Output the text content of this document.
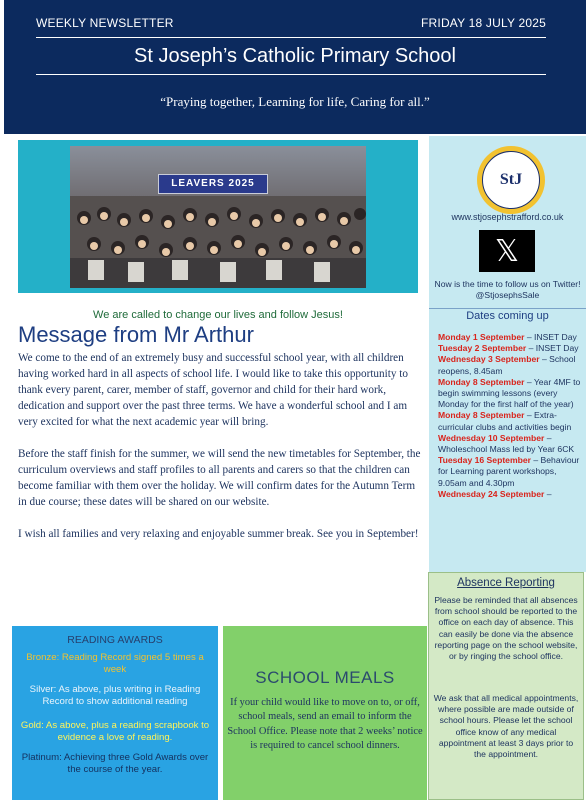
WEEKLY NEWSLETTER	FRIDAY 18 JULY 2025
St Joseph’s Catholic Primary School
“Praying together, Learning for life, Caring for all.”
LEAVERS 2025
We are called to change our lives and follow Jesus!
Message from Mr Arthur

We come to the end of an extremely busy and successful school year, with all children having worked hard in all aspects of school life. I would like to take this opportunity to thank every parent, carer, member of staff, governor and child for their hard work, dedication and support over the past three terms. We have a wonderful school and I am very excited for what the next academic year will bring.

Before the staff finish for the summer, we will send the new timetables for September, the curriculum overviews and staff profiles to all parents and carers so that the children can become familiar with them over the holiday. We will confirm dates for the Autumn Term in due course; these dates will be shared on our website.

I wish all families and very relaxing and enjoyable summer break. See you in September!

StJ
www.stjosephstrafford.co.uk
𝕏
Now is the time to follow us on Twitter! @StjosephsSale
Dates coming up
Monday 1 September – INSET Day
Tuesday 2 September – INSET Day
Wednesday 3 September – School reopens, 8.45am
Monday 8 September – Year 4MF to begin swimming lessons (every Monday for the first half of the year)
Monday 8 September – Extra-curricular clubs and activities begin
Wednesday 10 September – Wholeschool Mass led by Year 6CK
Tuesday 16 September – Behaviour for Learning parent workshops, 9.05am and 4.30pm
Wednesday 24 September –
Absence Reporting
Please be reminded that all absences from school should be reported to the office on each day of absence. This can easily be done via the absence reporting page on the school website, or by ringing the school office.
We ask that all medical appointments, where possible are made outside of school hours. Please let the school office know of any medical appointment at least 3 days prior to the appointment.
READING AWARDS
Bronze: Reading Record signed 5 times a week
Silver: As above, plus writing in Reading Record to show additional reading
Gold: As above, plus a reading scrapbook to evidence a love of reading.
Platinum: Achieving three Gold Awards over the course of the year.
SCHOOL MEALS
If your child would like to move on to, or off, school meals, send an email to inform the School Office. Please note that 2 weeks’ notice is required to cancel school dinners.
